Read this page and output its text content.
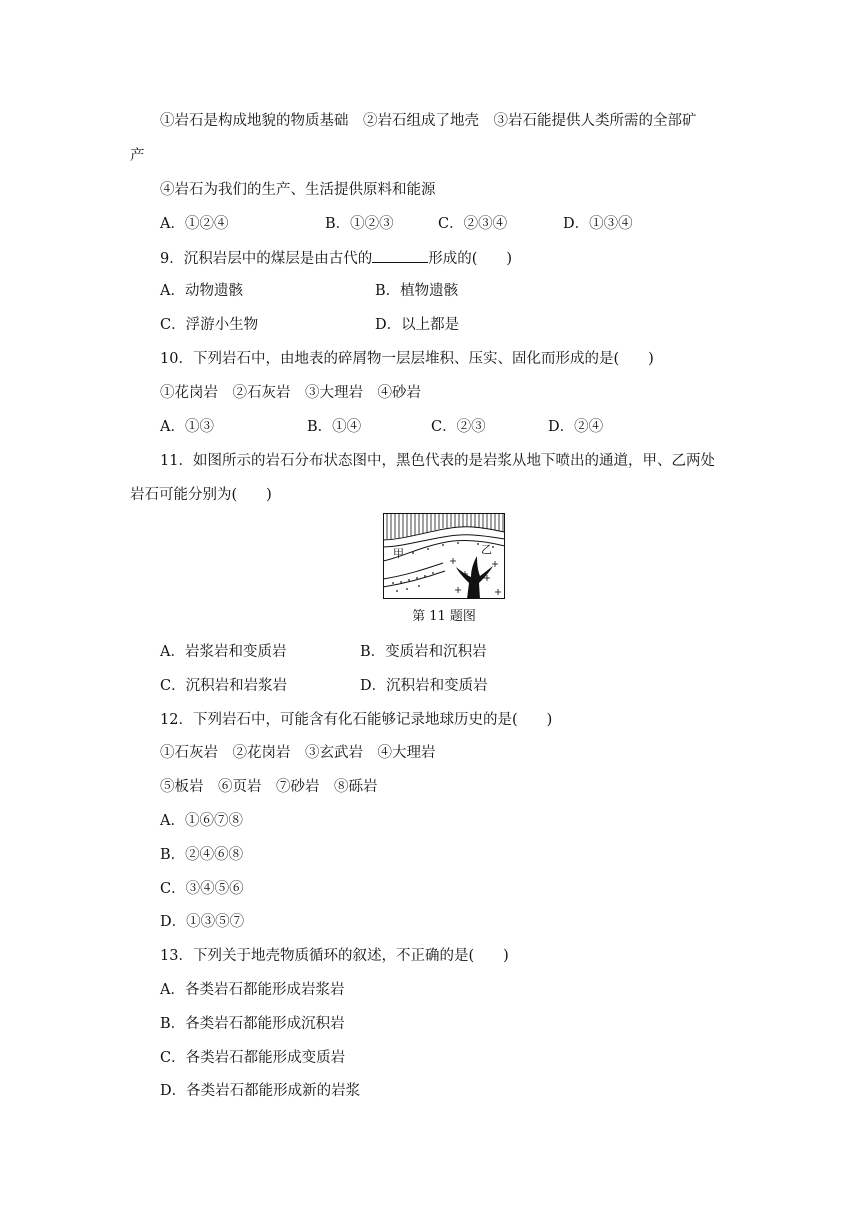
①岩石是构成地貌的物质基础　②岩石组成了地壳　③岩石能提供人类所需的全部矿
产
④岩石为我们的生产、生活提供原料和能源
A．①②④	B．①②③	C．②③④	D．①③④
9．沉积岩层中的煤层是由古代的	形成的(　　)
A．动物遗骸	B．植物遗骸
C．浮游小生物	D．以上都是
10．下列岩石中，由地表的碎屑物一层层堆积、压实、固化而形成的是(　　)
①花岗岩　②石灰岩　③大理岩　④砂岩
A．①③	B．①④	C．②③	D．②④
11．如图所示的岩石分布状态图中，黑色代表的是岩浆从地下喷出的通道，甲、乙两处
岩石可能分别为(　　)
甲	乙
第 11 题图
A．岩浆岩和变质岩	B．变质岩和沉积岩
C．沉积岩和岩浆岩	D．沉积岩和变质岩
12．下列岩石中，可能含有化石能够记录地球历史的是(　　)
①石灰岩　②花岗岩　③玄武岩　④大理岩
⑤板岩　⑥页岩　⑦砂岩　⑧砾岩
A．①⑥⑦⑧
B．②④⑥⑧
C．③④⑤⑥
D．①③⑤⑦
13．下列关于地壳物质循环的叙述，不正确的是(　　)
A．各类岩石都能形成岩浆岩
B．各类岩石都能形成沉积岩
C．各类岩石都能形成变质岩
D．各类岩石都能形成新的岩浆
